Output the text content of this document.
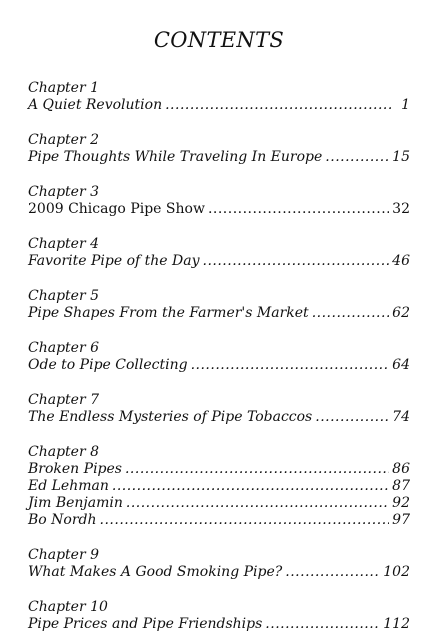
CONTENTS
Chapter 1
A Quiet Revolution .....	1
Chapter 2
Pipe Thoughts While Traveling In Europe .....	15
Chapter 3
2009 Chicago Pipe Show .....	32
Chapter 4
Favorite Pipe of the Day .....	46
Chapter 5
Pipe Shapes From the Farmer's Market .....	62
Chapter 6
Ode to Pipe Collecting .....	64
Chapter 7
The Endless Mysteries of Pipe Tobaccos .....	74
Chapter 8
Broken Pipes .....	86
Ed Lehman .....	87
Jim Benjamin .....	92
Bo Nordh .....	97
Chapter 9
What Makes A Good Smoking Pipe? .....	102
Chapter 10
Pipe Prices and Pipe Friendships .....	112
